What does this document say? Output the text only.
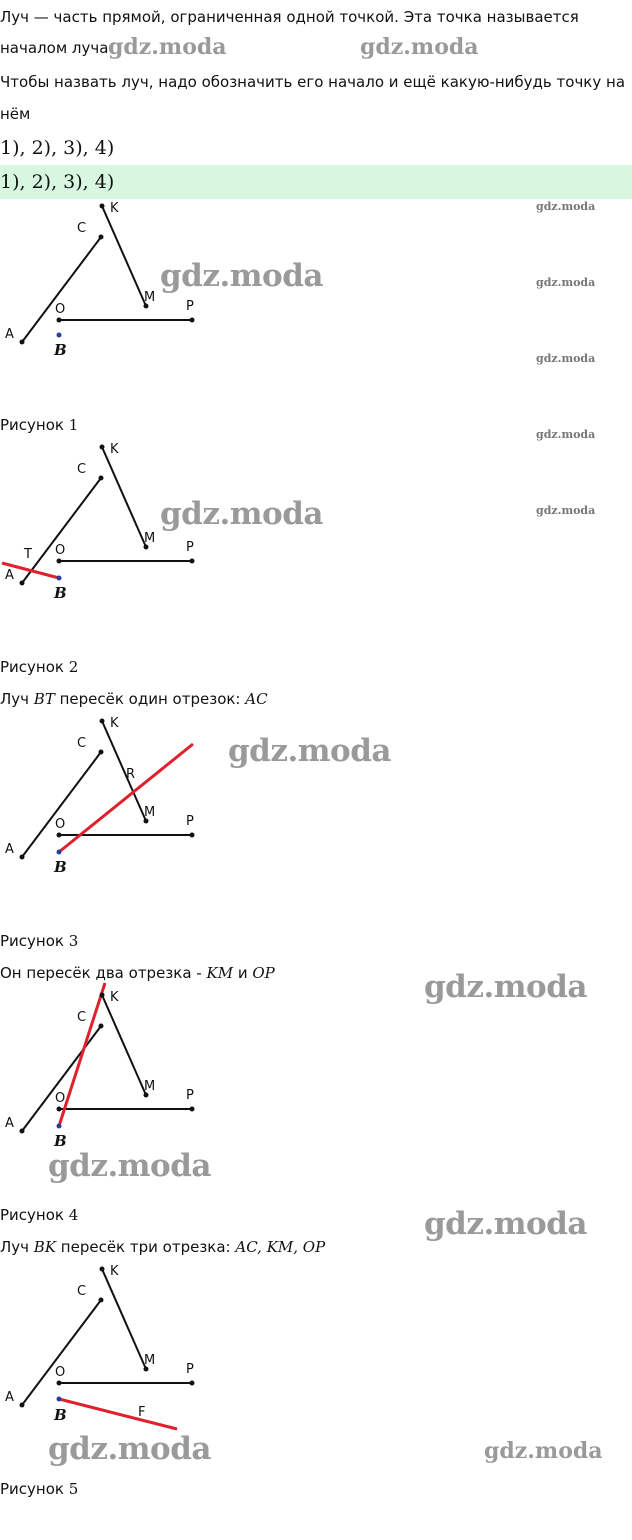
Луч — часть прямой, ограниченная одной точкой. Эта точка называется
началом луча
Чтобы назвать луч, надо обозначить его начало и ещё какую-нибудь точку на
нём
1), 2), 3), 4)
1), 2), 3), 4)
K
C
O
M
P
A
B
Рисунок 1
K
C
O
M
P
T
A
B
Рисунок 2
Луч BT пересёк один отрезок: AC
K
C
O
M
P
R
A
B
Рисунок 3
Он пересёк два отрезка - KM и OP
K
C
O
M
P
A
B
Рисунок 4
Луч BK пересёк три отрезка: AC, KM, OP
K
C
O
M
P
F
A
B
Рисунок 5
gdz.moda	gdz.moda
gdz.moda
gdz.moda
gdz.moda
gdz.moda
gdz.moda
gdz.moda
gdz.moda
gdz.moda
gdz.moda
gdz.moda
gdz.moda
gdz.moda	gdz.moda
